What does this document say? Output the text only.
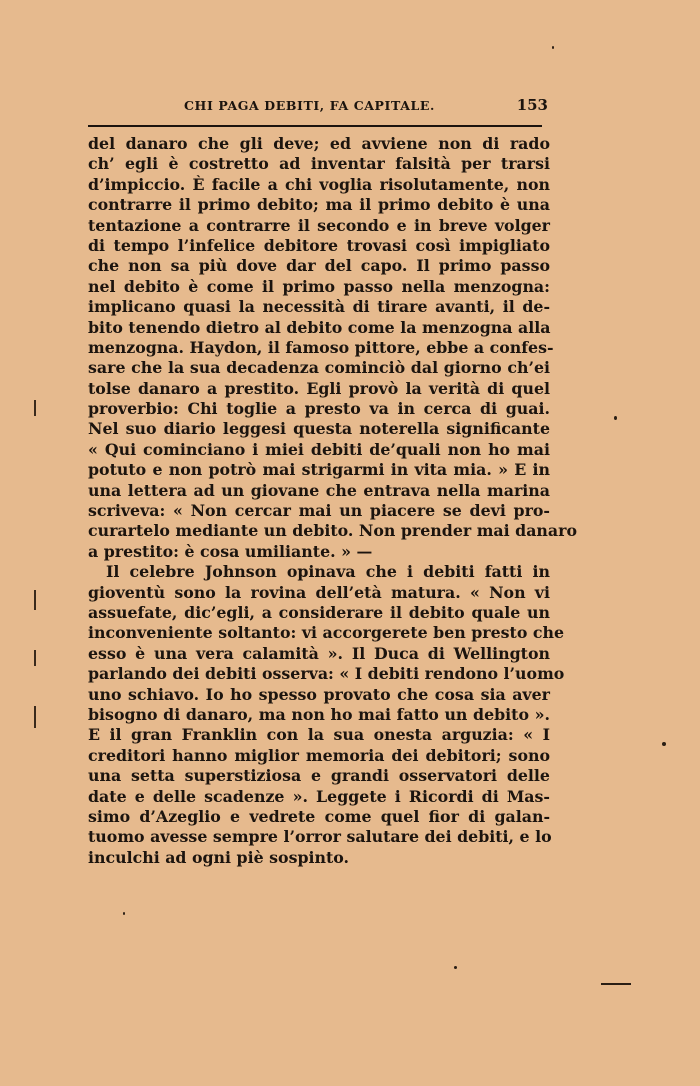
CHI PAGA DEBITI, FA CAPITALE.	153
del danaro che gli deve; ed avviene non di rado
ch’ egli è costretto ad inventar falsità per trarsi
d’impiccio. È facile a chi voglia risolutamente, non
contrarre il primo debito; ma il primo debito è una
tentazione a contrarre il secondo e in breve volger
di tempo l’infelice debitore trovasi così impigliato
che non sa più dove dar del capo. Il primo passo
nel debito è come il primo passo nella menzogna:
implicano quasi la necessità di tirare avanti, il de-
bito tenendo dietro al debito come la menzogna alla
menzogna. Haydon, il famoso pittore, ebbe a confes-
sare che la sua decadenza cominciò dal giorno ch’ei
tolse danaro a prestito. Egli provò la verità di quel
proverbio: Chi toglie a presto va in cerca di guai.
Nel suo diario leggesi questa noterella significante
« Qui cominciano i miei debiti de’quali non ho mai
potuto e non potrò mai strigarmi in vita mia. » E in
una lettera ad un giovane che entrava nella marina
scriveva: « Non cercar mai un piacere se devi pro-
curartelo mediante un debito. Non prender mai danaro
a prestito: è cosa umiliante. » —
Il celebre Johnson opinava che i debiti fatti in
gioventù sono la rovina dell’età matura. « Non vi
assuefate, dic’egli, a considerare il debito quale un
inconveniente soltanto: vi accorgerete ben presto che
esso è una vera calamità ». Il Duca di Wellington
parlando dei debiti osserva: « I debiti rendono l’uomo
uno schiavo. Io ho spesso provato che cosa sia aver
bisogno di danaro, ma non ho mai fatto un debito ».
E il gran Franklin con la sua onesta arguzia: « I
creditori hanno miglior memoria dei debitori; sono
una setta superstiziosa e grandi osservatori delle
date e delle scadenze ». Leggete i Ricordi di Mas-
simo d’Azeglio e vedrete come quel fior di galan-
tuomo avesse sempre l’orror salutare dei debiti, e lo
inculchi ad ogni piè sospinto.
